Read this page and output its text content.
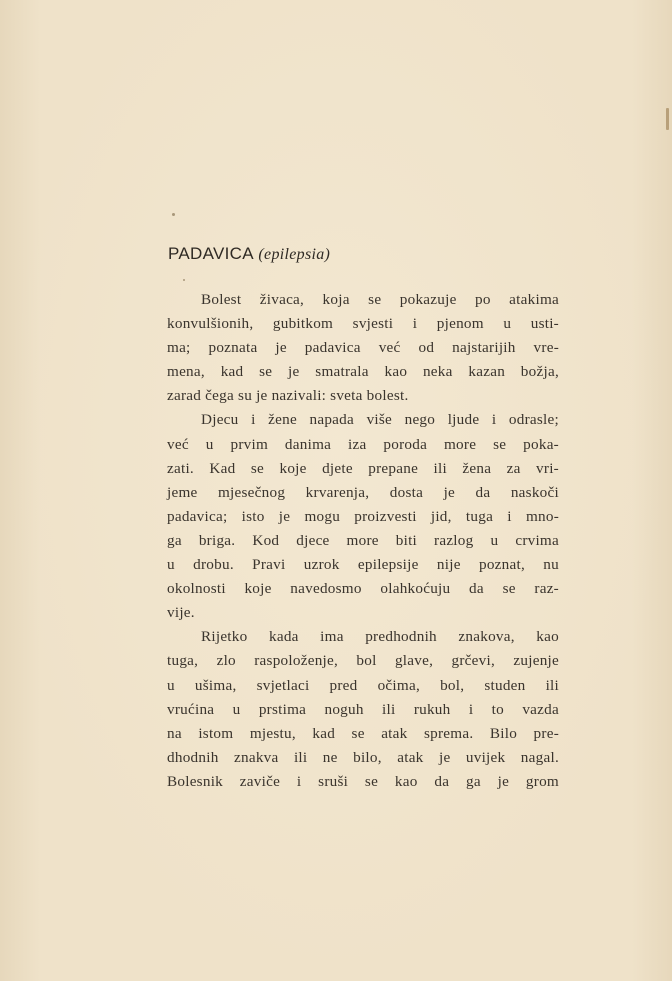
PADAVICA (epilepsia)
Bolest živaca, koja se pokazuje po atakima
konvulšionih, gubitkom svjesti i pjenom u usti-
ma; poznata je padavica već od najstarijih vre-
mena, kad se je smatrala kao neka kazan božja,
zarad čega su je nazivali: sveta bolest.
Djecu i žene napada više nego ljude i odrasle;
već u prvim danima iza poroda more se poka-
zati. Kad se koje djete prepane ili žena za vri-
jeme mjesečnog krvarenja, dosta je da naskoči
padavica; isto je mogu proizvesti jid, tuga i mno-
ga briga. Kod djece more biti razlog u crvima
u drobu. Pravi uzrok epilepsije nije poznat, nu
okolnosti koje navedosmo olahkoćuju da se raz-
vije.
Rijetko kada ima predhodnih znakova, kao
tuga, zlo raspoloženje, bol glave, grčevi, zujenje
u ušima, svjetlaci pred očima, bol, studen ili
vrućina u prstima noguh ili rukuh i to vazda
na istom mjestu, kad se atak sprema. Bilo pre-
dhodnih znakva ili ne bilo, atak je uvijek nagal.
Bolesnik zaviče i sruši se kao da ga je grom
